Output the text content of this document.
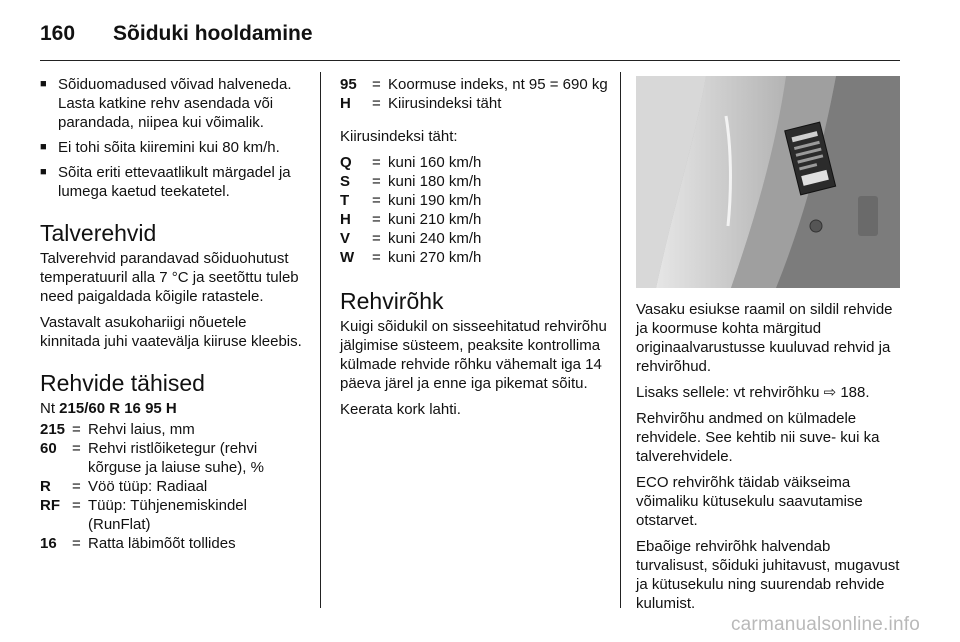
160 Sõiduki hooldamine
■ Sõiduomadused võivad halveneda. Lasta katkine rehv asendada või parandada, niipea kui võimalik.
■ Ei tohi sõita kiiremini kui 80 km/h.
■ Sõita eriti ettevaatlikult märgadel ja lumega kaetud teekatetel.
Talverehvid

Talverehvid parandavad sõiduohutust temperatuuril alla 7 °C ja seetõttu tuleb need paigaldada kõigile ratastele.

Vastavalt asukohariigi nõuetele kinnitada juhi vaatevälja kiiruse kleebis.

Rehvide tähised
Nt 215/60 R 16 95 H
215	=	Rehvi laius, mm
60	=	Rehvi ristlõiketegur (rehvi kõrguse ja laiuse suhe), %
R	=	Vöö tüüp: Radiaal
RF	=	Tüüp: Tühjenemiskindel (RunFlat)
16	=	Ratta läbimõõt tollides
95	=	Koormuse indeks, nt 95 = 690 kg
H	=	Kiirusindeksi täht

Kiirusindeksi täht:

Q	=	kuni 160 km/h
S	=	kuni 180 km/h
T	=	kuni 190 km/h
H	=	kuni 210 km/h
V	=	kuni 240 km/h
W	=	kuni 270 km/h
Rehvirõhk

Kuigi sõidukil on sisseehitatud rehvirõhu jälgimise süsteem, peaksite kontrollima külmade rehvide rõhku vähemalt iga 14 päeva järel ja enne iga pikemat sõitu.

Keerata kork lahti.

Vasaku esiukse raamil on sildil rehvide ja koormuse kohta märgitud originaalvarustusse kuuluvad rehvid ja rehvirõhud.

Lisaks sellele: vt rehvirõhku ⇨ 188.

Rehvirõhu andmed on külmadele rehvidele. See kehtib nii suve- kui ka talverehvidele.

ECO rehvirõhk täidab väikseima võimaliku kütusekulu saavutamise otstarvet.

Ebaõige rehvirõhk halvendab turvalisust, sõiduki juhitavust, mugavust ja kütusekulu ning suurendab rehvide kulumist.

carmanualsonline.info
